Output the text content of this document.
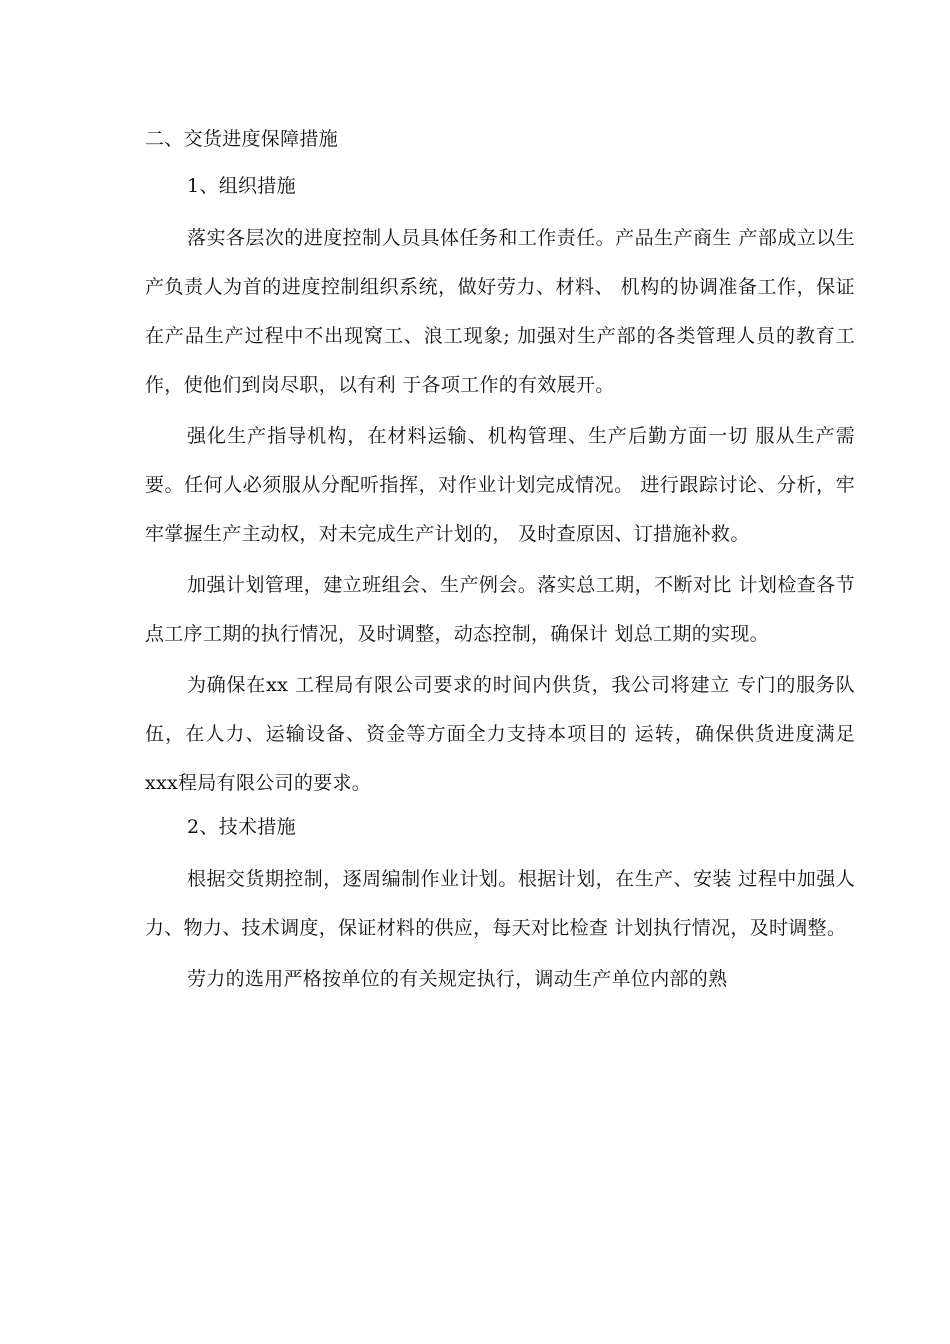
二、交货进度保障措施
1、组织措施

落实各层次的进度控制人员具体任务和工作责任。产品生产商生 产部成立以生产负责人为首的进度控制组织系统，做好劳力、材料、 机构的协调准备工作，保证在产品生产过程中不出现窝工、浪工现象; 加强对生产部的各类管理人员的教育工作，使他们到岗尽职，以有利 于各项工作的有效展开。

强化生产指导机构，在材料运输、机构管理、生产后勤方面一切 服从生产需要。任何人必须服从分配听指挥，对作业计划完成情况。 进行跟踪讨论、分析，牢牢掌握生产主动权，对未完成生产计划的， 及时查原因、订措施补救。

加强计划管理，建立班组会、生产例会。落实总工期，不断对比 计划检查各节点工序工期的执行情况，及时调整，动态控制，确保计 划总工期的实现。

为确保在xx 工程局有限公司要求的时间内供货，我公司将建立 专门的服务队伍，在人力、运输设备、资金等方面全力支持本项目的 运转，确保供货进度满足xxx程局有限公司的要求。

2、技术措施

根据交货期控制，逐周编制作业计划。根据计划，在生产、安装 过程中加强人力、物力、技术调度，保证材料的供应，每天对比检查 计划执行情况，及时调整。

劳力的选用严格按单位的有关规定执行，调动生产单位内部的熟
